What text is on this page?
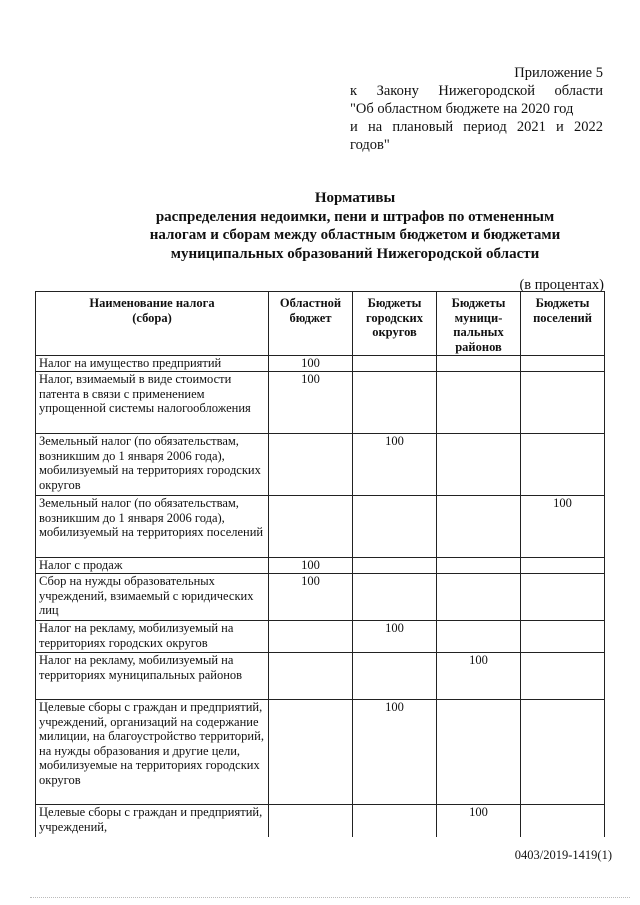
Приложение 5
к Закону Нижегородской области
"Об областном бюджете на 2020 год
и на плановый период 2021 и 2022
годов"
Нормативы
распределения недоимки, пени и штрафов по отмененным
налогам и сборам между областным бюджетом и бюджетами
муниципальных образований Нижегородской области
(в процентах)
Наименование налога (сбора)	Областной бюджет	Бюджеты городских округов	Бюджеты муници-пальных районов	Бюджеты поселений
Налог на имущество предприятий	100			
Налог, взимаемый в виде стоимости патента в связи с применением упрощенной системы налогообложения	100			
Земельный налог (по обязательствам, возникшим до 1 января 2006 года), мобилизуемый на территориях городских округов		100		
Земельный налог (по обязательствам, возникшим до 1 января 2006 года), мобилизуемый на территориях поселений				100
Налог с продаж	100			
Сбор на нужды образовательных учреждений, взимаемый с юридических лиц	100			
Налог на рекламу, мобилизуемый на территориях городских округов		100		
Налог на рекламу, мобилизуемый на территориях муниципальных районов			100	
Целевые сборы с граждан и предприятий, учреждений, организаций на содержание милиции, на благоустройство территорий, на нужды образования и другие цели, мобилизуемые на территориях городских округов		100		
Целевые сборы с граждан и предприятий, учреждений,			100	
0403/2019-1419(1)
